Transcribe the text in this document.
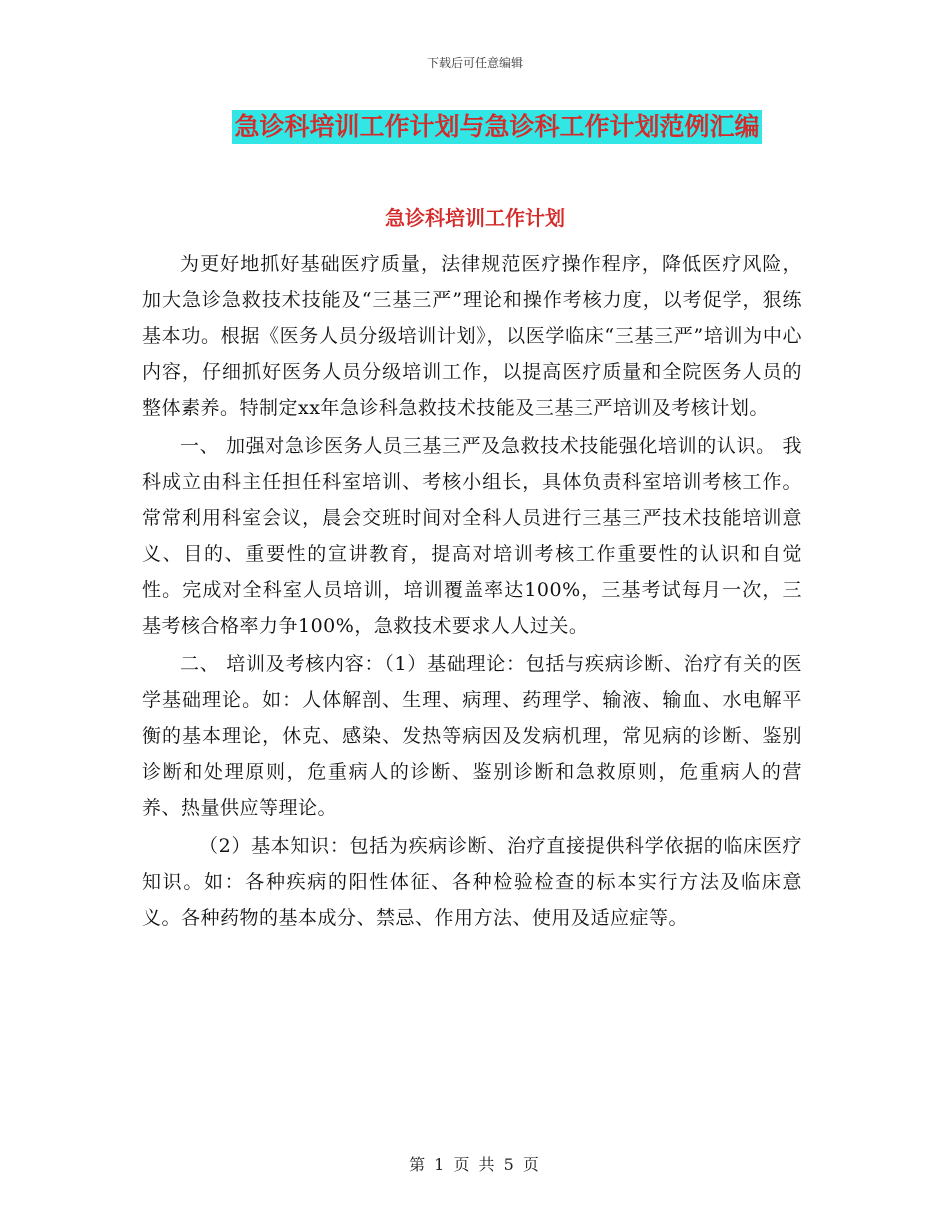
下载后可任意编辑
急诊科培训工作计划与急诊科工作计划范例汇编
急诊科培训工作计划

为更好地抓好基础医疗质量，法律规范医疗操作程序，降低医疗风险，加大急诊急救技术技能及“三基三严”理论和操作考核力度，以考促学，狠练基本功。根据《医务人员分级培训计划》，以医学临床“三基三严”培训为中心内容，仔细抓好医务人员分级培训工作，以提高医疗质量和全院医务人员的整体素养。特制定xx年急诊科急救技术技能及三基三严培训及考核计划。

一、 加强对急诊医务人员三基三严及急救技术技能强化培训的认识。 我科成立由科主任担任科室培训、考核小组长，具体负责科室培训考核工作。常常利用科室会议，晨会交班时间对全科人员进行三基三严技术技能培训意义、目的、重要性的宣讲教育，提高对培训考核工作重要性的认识和自觉性。完成对全科室人员培训，培训覆盖率达100%，三基考试每月一次，三基考核合格率力争100%，急救技术要求人人过关。

二、 培训及考核内容：（1）基础理论：包括与疾病诊断、治疗有关的医学基础理论。如：人体解剖、生理、病理、药理学、输液、输血、水电解平衡的基本理论，休克、感染、发热等病因及发病机理，常见病的诊断、鉴别诊断和处理原则，危重病人的诊断、鉴别诊断和急救原则，危重病人的营养、热量供应等理论。

（2）基本知识：包括为疾病诊断、治疗直接提供科学依据的临床医疗知识。如：各种疾病的阳性体征、各种检验检查的标本实行方法及临床意义。各种药物的基本成分、禁忌、作用方法、使用及适应症等。

第 1 页 共 5 页
